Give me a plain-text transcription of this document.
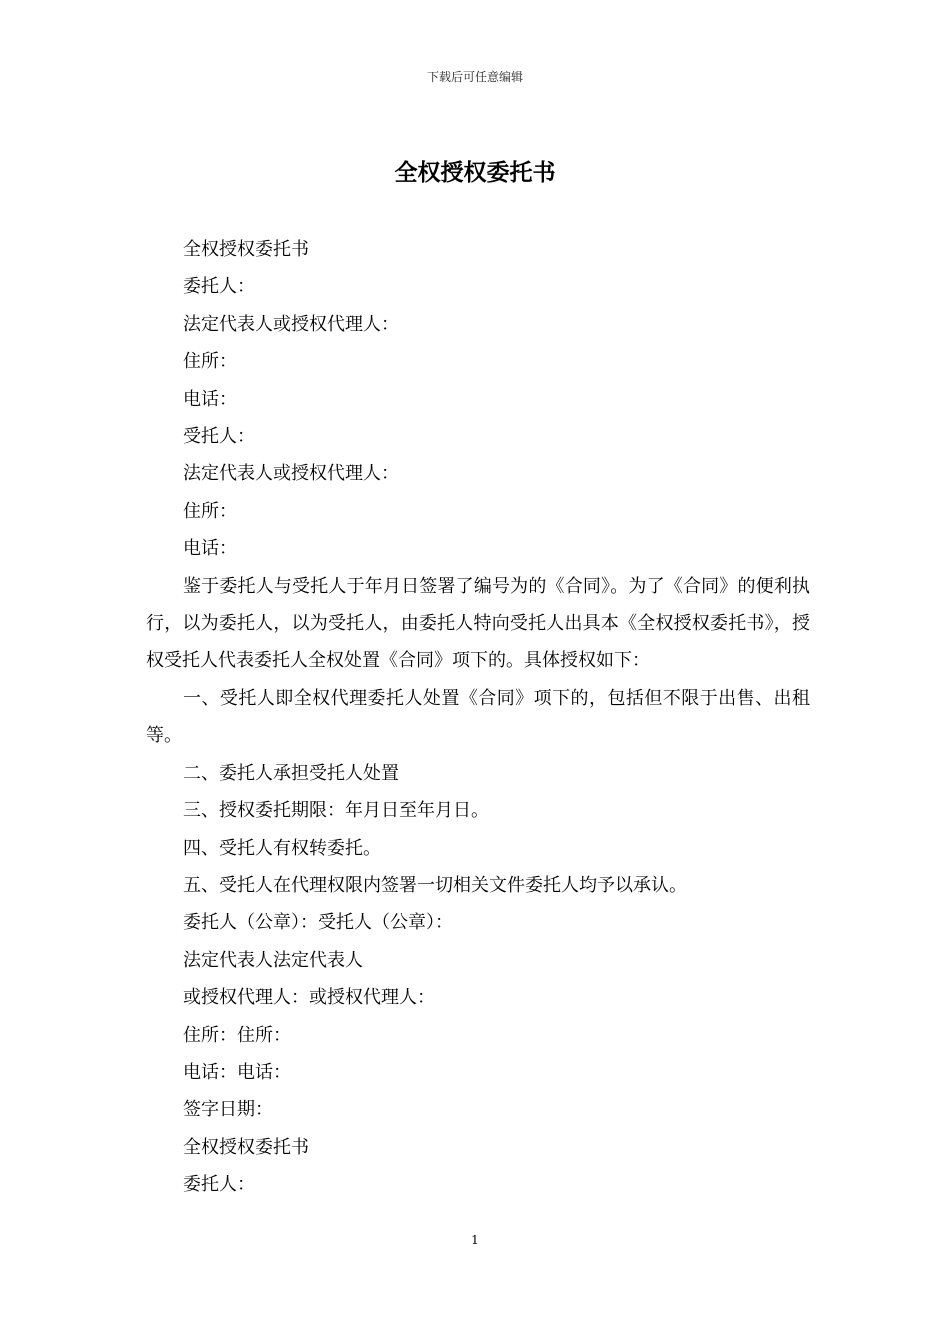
下载后可任意编辑
全权授权委托书

全权授权委托书

委托人：

法定代表人或授权代理人：

住所：

电话：

受托人：

法定代表人或授权代理人：

住所：

电话：

鉴于委托人与受托人于年月日签署了编号为的《合同》。为了《合同》的便利执行，以为委托人，以为受托人，由委托人特向受托人出具本《全权授权委托书》，授权受托人代表委托人全权处置《合同》项下的。具体授权如下：

一、受托人即全权代理委托人处置《合同》项下的，包括但不限于出售、出租等。

二、委托人承担受托人处置

三、授权委托期限：年月日至年月日。

四、受托人有权转委托。

五、受托人在代理权限内签署一切相关文件委托人均予以承认。

委托人（公章）：受托人（公章）：

法定代表人法定代表人

或授权代理人：或授权代理人：

住所：住所：

电话：电话：

签字日期：

全权授权委托书

委托人：

1
